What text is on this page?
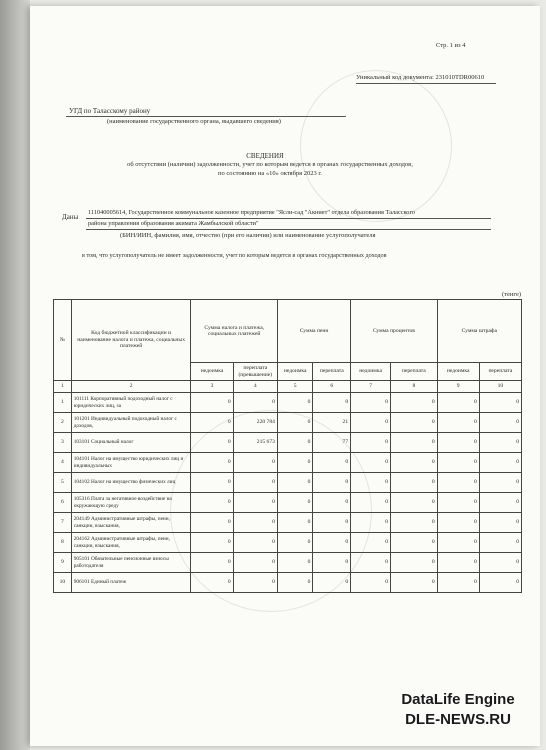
Стр. 1 из 4
Уникальный код документа: 231010TDR00610
УГД по Таласскому району
(наименование государственного органа, выдавшего сведения)
СВЕДЕНИЯ
об отсутствии (наличии) задолженности, учет по которым ведется в органах государственных доходов,
по состоянию на «10» октября 2023 г.
Даны
111040005614, Государственное коммунальное казенное предприятие "Ясли-сад "Акниет" отдела образования Таласского
района управления образования акимата Жамбылской области"
(БИН/ИИН, фамилия, имя, отчество (при его наличии) или наименование услугополучателя
в том, что услугополучатель не имеет задолженности, учет по которым ведется в органах государственных доходов
(тенге)
№	Код бюджетной классификации и наименование налога и платежа, социальных платежей	Сумма налога и платежа, социальных платежей		Сумма пени		Сумма процентов		Сумма штрафа	
		недоимка	переплата (превышение)	недоимка	переплата	недоимка	переплата	недоимка	переплата
1	2	3	4	5	6	7	8	9	10
1	101111 Корпоративный подоходный налог с юридических лиц, за	0	0	0	0	0	0	0	0
2	101201 Индивидуальный подоходный налог с доходов,	0	220 784	0	21	0	0	0	0
3	103101 Социальный налог	0	215 673	0	77	0	0	0	0
4	104101 Налог на имущество юридических лиц и индивидуальных	0	0	0	0	0	0	0	0
5	104102 Налог на имущество физических лиц	0	0	0	0	0	0	0	0
6	105316 Плата за негативное воздействие на окружающую среду	0	0	0	0	0	0	0	0
7	204149 Административные штрафы, пени, санкции, взыскания,	0	0	0	0	0	0	0	0
8	204162 Административные штрафы, пени, санкции, взыскания,	0	0	0	0	0	0	0	0
9	905101 Обязательные пенсионные взносы работодателя	0	0	0	0	0	0	0	0
10	906101 Единый платеж	0	0	0	0	0	0	0	0
DataLife Engine
DLE-NEWS.RU
